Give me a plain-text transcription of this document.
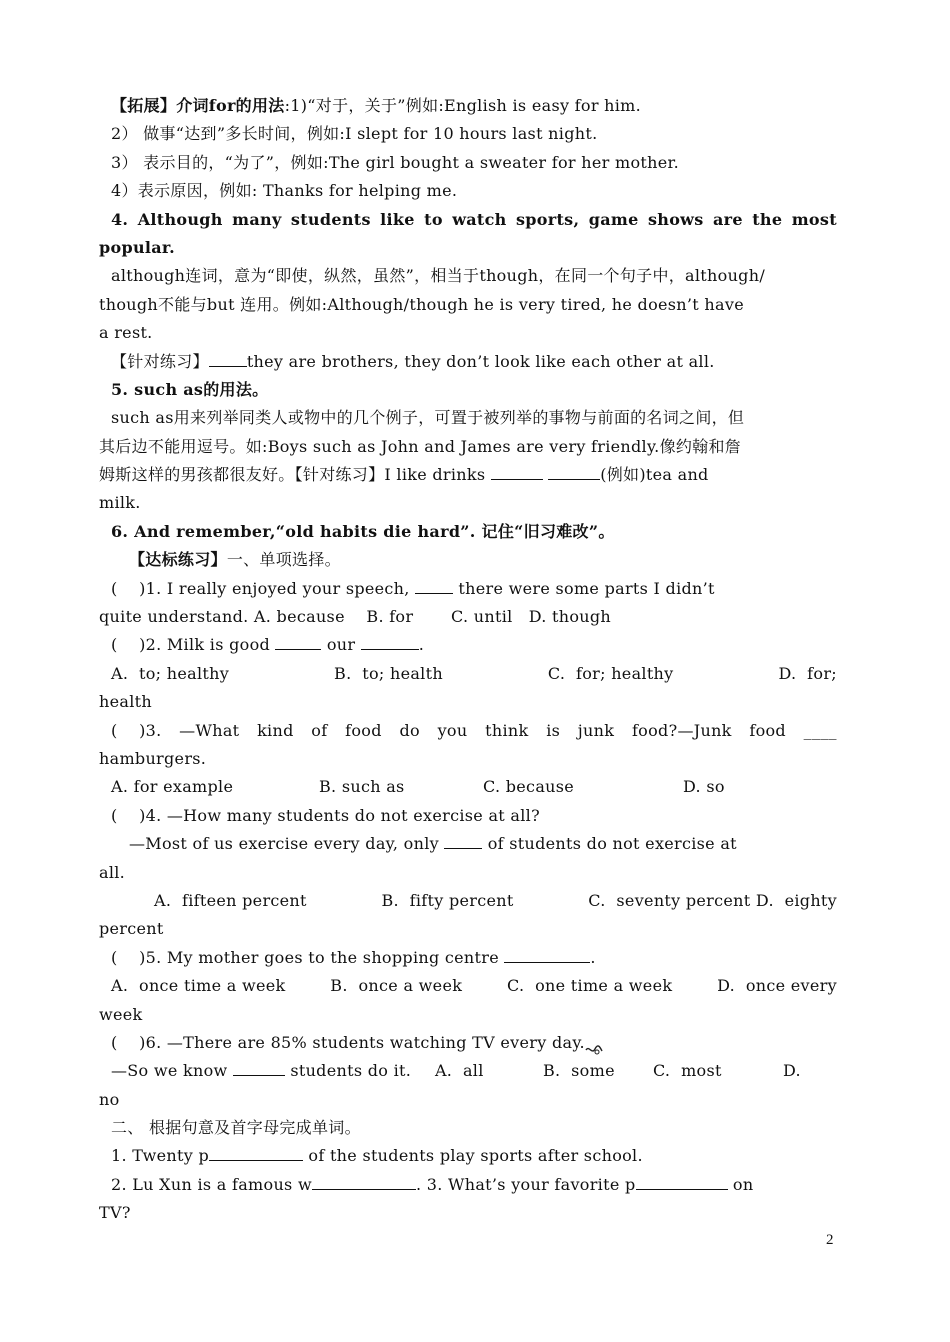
【拓展】介词for的用法:1)“对于，关于”例如:English is easy for him.
2） 做事“达到”多长时间，例如:I slept for 10 hours last night.
3） 表示目的，“为了”，例如:The girl bought a sweater for her mother.
4）表示原因，例如: Thanks for helping me.
4. Although many students like to watch sports, game shows are the most
popular.
although连词，意为“即使，纵然，虽然”，相当于though，在同一个句子中，although/
though不能与but 连用。例如:Although/though he is very tired, he doesn’t have
a rest.
【针对练习】 they are brothers, they don’t look like each other at all.
5. such as的用法。
such as用来列举同类人或物中的几个例子，可置于被列举的事物与前面的名词之间，但
其后边不能用逗号。如:Boys such as John and James are very friendly.像约翰和詹
姆斯这样的男孩都很友好。【针对练习】I like drinks	(例如)tea and
milk.
6. And remember,“old habits die hard”. 记住“旧习难改”。
【达标练习】一、单项选择。
(    )1. I really enjoyed your speech,  there were some parts I didn’t
quite understand. A. because    B. for       C. until   D. though
(    )2. Milk is good	our	.
A.  to; healthy	B.  to; health	C.  for; healthy	D.  for;
health
(    )3. —What kind of food do you think is junk food?—Junk food ____
hamburgers.
A. for example	B. such as	C. because	D. so
(    )4. —How many students do not exercise at all?
—Most of us exercise every day, only  of students do not exercise at
all.
A.  fifteen percent	B.  fifty percent	C.  seventy percent D.  eighty
percent
(    )5. My mother goes to the shopping centre	.
A.  once time a week	B.  once a week	C.  one time a week	D.  once every
week
(    )6. —There are 85% students watching TV every day.
—So we know	students do it. A.  all	B.  some C.  most	D.
no
二、 根据句意及首字母完成单词。
1. Twenty p	of the students play sports after school.
2. Lu Xun is a famous w	. 3. What’s your favorite p	on
TV?
2
